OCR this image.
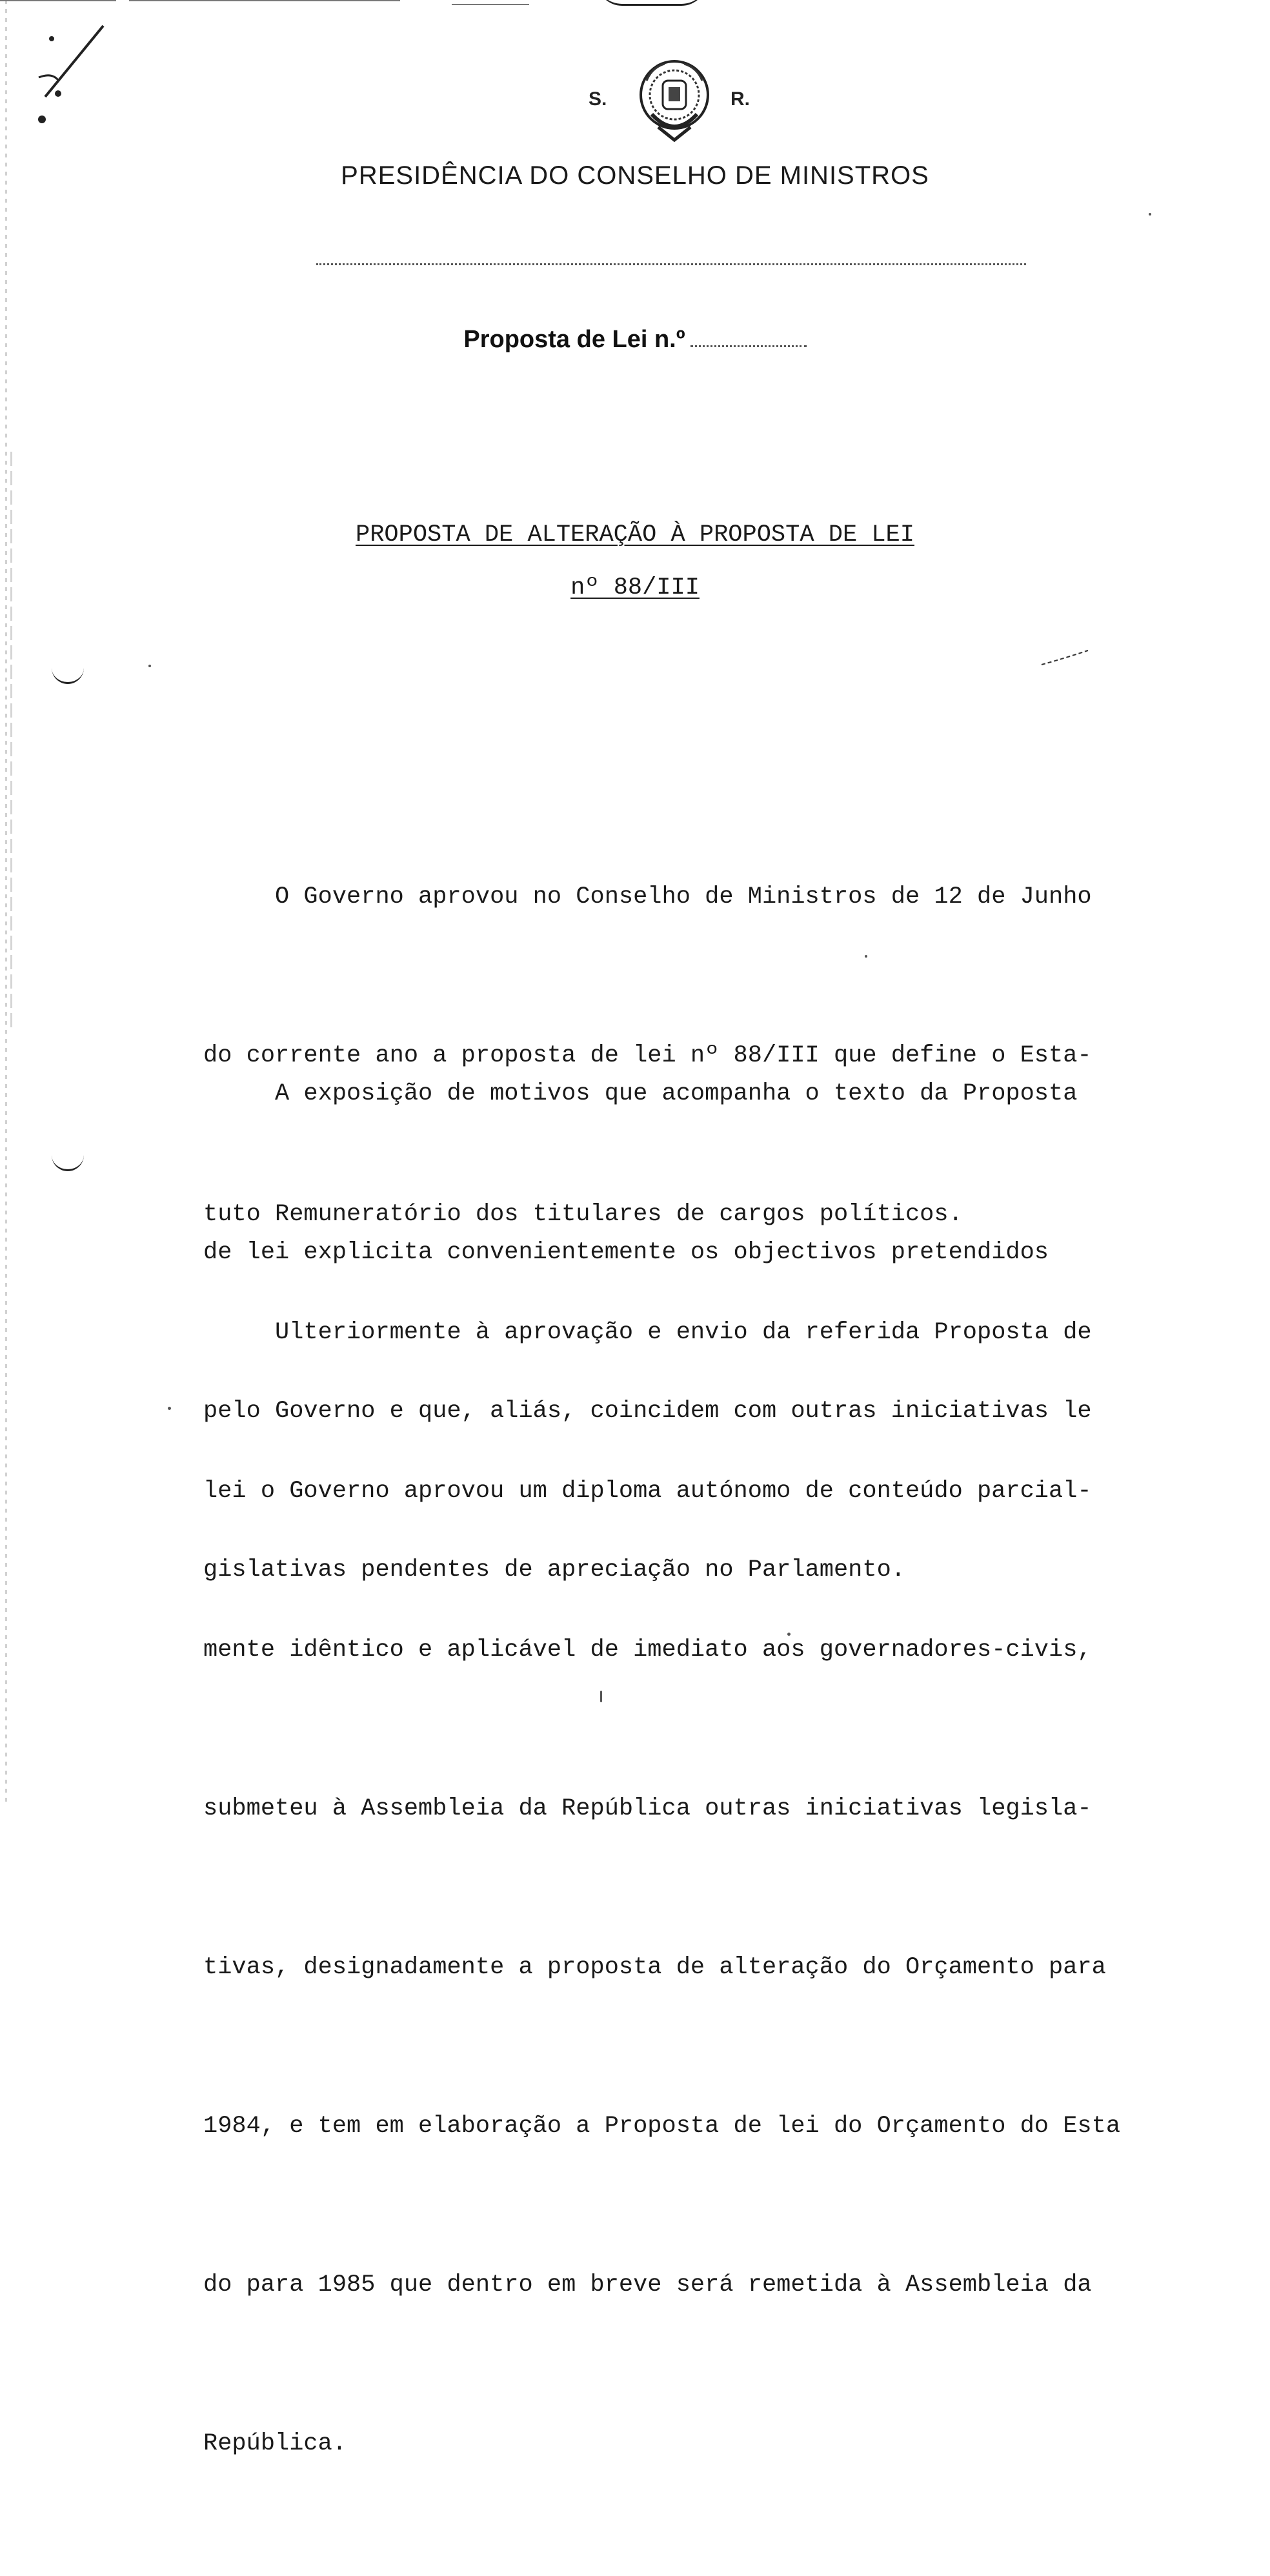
S.	R.
PRESIDÊNCIA DO CONSELHO DE MINISTROS
Proposta de Lei n.º
PROPOSTA DE ALTERAÇÃO À PROPOSTA DE LEI
nº 88/III

O Governo aprovou no Conselho de Ministros de 12 de Junho

do corrente ano a proposta de lei nº 88/III que define o Esta-

tuto Remuneratório dos titulares de cargos políticos.

A exposição de motivos que acompanha o texto da Proposta

de lei explicita convenientemente os objectivos pretendidos

pelo Governo e que, aliás, coincidem com outras iniciativas le

gislativas pendentes de apreciação no Parlamento.

Ulteriormente à aprovação e envio da referida Proposta de

lei o Governo aprovou um diploma autónomo de conteúdo parcial-

mente idêntico e aplicável de imediato aos governadores-civis,

submeteu à Assembleia da República outras iniciativas legisla-

tivas, designadamente a proposta de alteração do Orçamento para

1984, e tem em elaboração a Proposta de lei do Orçamento do Esta

do para 1985 que dentro em breve será remetida à Assembleia da

República.
